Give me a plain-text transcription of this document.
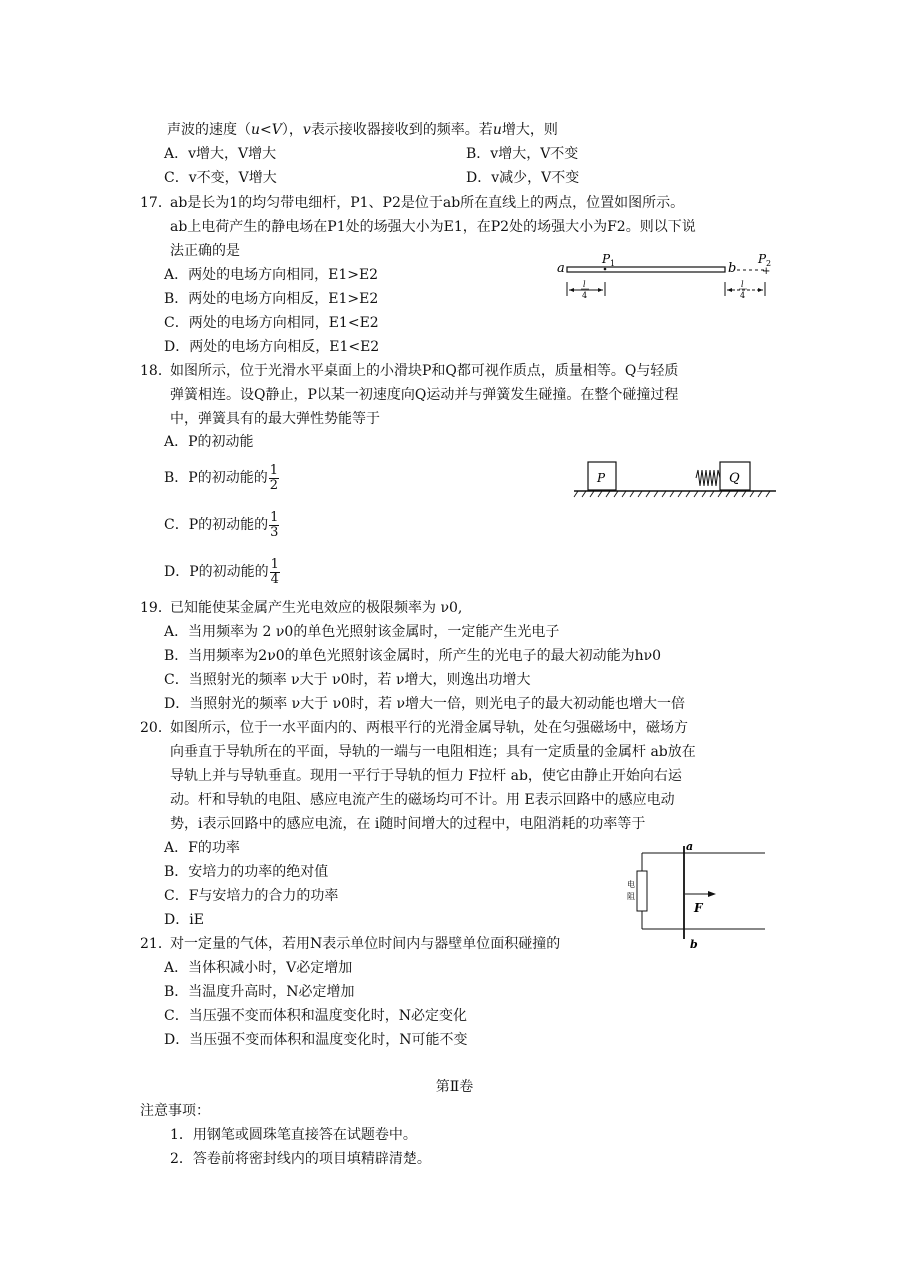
声波的速度（u<V），v表示接收器接收到的频率。若u增大，则
A．v增大，V增大	B．v增大，V不变
C．v不变，V增大	D．v减少，V不变
17．
ab是长为1的均匀带电细杆，P1、P2是位于ab所在直线上的两点，位置如图所示。
ab上电荷产生的静电场在P1处的场强大小为E1，在P2处的场强大小为F2。则以下说
法正确的是
A．两处的电场方向相同，E1>E2
B．两处的电场方向相反，E1>E2
C．两处的电场方向相同，E1<E2
D．两处的电场方向相反，E1<E2
a	b
P 1	P 2
+
l
4
l
4
18．
如图所示，位于光滑水平桌面上的小滑块P和Q都可视作质点，质量相等。Q与轻质
弹簧相连。设Q静止，P以某一初速度向Q运动并与弹簧发生碰撞。在整个碰撞过程
中，弹簧具有的最大弹性势能等于
A．P的初动能
B．P的初动能的 $\frac{1}{2}$
C．P的初动能的 $\frac{1}{3}$
D．P的初动能的 $\frac{1}{4}$
P	Q
19．
已知能使某金属产生光电效应的极限频率为 ν0,
A．当用频率为 2 ν0的单色光照射该金属时，一定能产生光电子
B．当用频率为2ν0的单色光照射该金属时，所产生的光电子的最大初动能为hν0
C．当照射光的频率 ν大于 ν0时，若 ν增大，则逸出功增大
D．当照射光的频率 ν大于 ν0时，若 ν增大一倍，则光电子的最大初动能也增大一倍
20．
如图所示，位于一水平面内的、两根平行的光滑金属导轨，处在匀强磁场中，磁场方
向垂直于导轨所在的平面，导轨的一端与一电阻相连；具有一定质量的金属杆 ab放在
导轨上并与导轨垂直。现用一平行于导轨的恒力 F拉杆 ab，使它由静止开始向右运
动。杆和导轨的电阻、感应电流产生的磁场均可不计。用 E表示回路中的感应电动
势，i表示回路中的感应电流，在 i随时间增大的过程中，电阻消耗的功率等于
A．F的功率
B．安培力的功率的绝对值
C．F与安培力的合力的功率
D．iE
电
阻
a
b
F
21．
对一定量的气体，若用N表示单位时间内与器壁单位面积碰撞的
A．当体积减小时，V必定增加
B．当温度升高时，N必定增加
C．当压强不变而体积和温度变化时，N必定变化
D．当压强不变而体积和温度变化时，N可能不变
第Ⅱ卷
注意事项：
1．用钢笔或圆珠笔直接答在试题卷中。
2．答卷前将密封线内的项目填精辟清楚。
